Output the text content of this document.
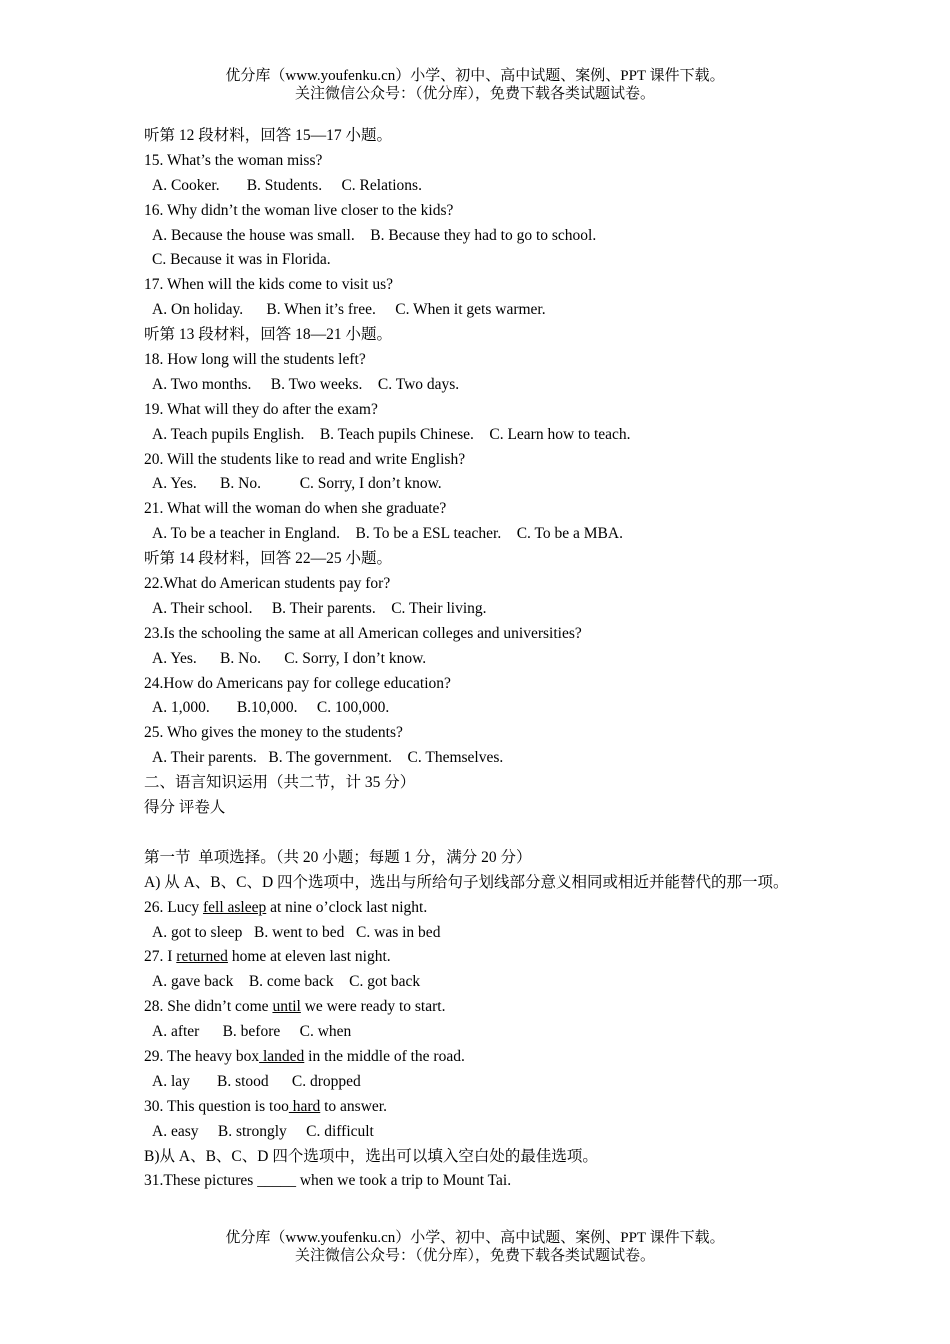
优分库（www.youfenku.cn）小学、初中、高中试题、案例、PPT 课件下载。
关注微信公众号：（优分库），免费下载各类试题试卷。
听第 12 段材料，回答 15—17 小题。
15. What’s the woman miss?
A. Cooker.       B. Students.     C. Relations.
16. Why didn’t the woman live closer to the kids?
A. Because the house was small.    B. Because they had to go to school.
C. Because it was in Florida.
17. When will the kids come to visit us?
A. On holiday.      B. When it’s free.     C. When it gets warmer.
听第 13 段材料，回答 18—21 小题。
18. How long will the students left?
A. Two months.     B. Two weeks.    C. Two days.
19. What will they do after the exam?
A. Teach pupils English.    B. Teach pupils Chinese.    C. Learn how to teach.
20. Will the students like to read and write English?
A. Yes.      B. No.          C. Sorry, I don’t know.
21. What will the woman do when she graduate?
A. To be a teacher in England.    B. To be a ESL teacher.    C. To be a MBA.
听第 14 段材料，回答 22—25 小题。
22.What do American students pay for?
A. Their school.     B. Their parents.    C. Their living.
23.Is the schooling the same at all American colleges and universities?
A. Yes.      B. No.      C. Sorry, I don’t know.
24.How do Americans pay for college education?
A. 1,000.       B.10,000.     C. 100,000.
25. Who gives the money to the students?
A. Their parents.   B. The government.    C. Themselves.
二、语言知识运用（共二节，计 35 分）
得分 评卷人
第一节  单项选择。（共 20 小题；每题 1 分，满分 20 分）
A) 从 A、B、C、D 四个选项中，选出与所给句子划线部分意义相同或相近并能替代的那一项。
26. Lucy fell asleep at nine o’clock last night.
A. got to sleep   B. went to bed   C. was in bed
27. I returned home at eleven last night.
A. gave back    B. come back    C. got back
28. She didn’t come until we were ready to start.
A. after      B. before     C. when
29. The heavy box landed in the middle of the road.
A. lay       B. stood      C. dropped
30. This question is too hard to answer.
A. easy     B. strongly     C. difficult
B)从 A、B、C、D 四个选项中，选出可以填入空白处的最佳选项。
31.These pictures _____ when we took a trip to Mount Tai.
优分库（www.youfenku.cn）小学、初中、高中试题、案例、PPT 课件下载。
关注微信公众号：（优分库），免费下载各类试题试卷。
